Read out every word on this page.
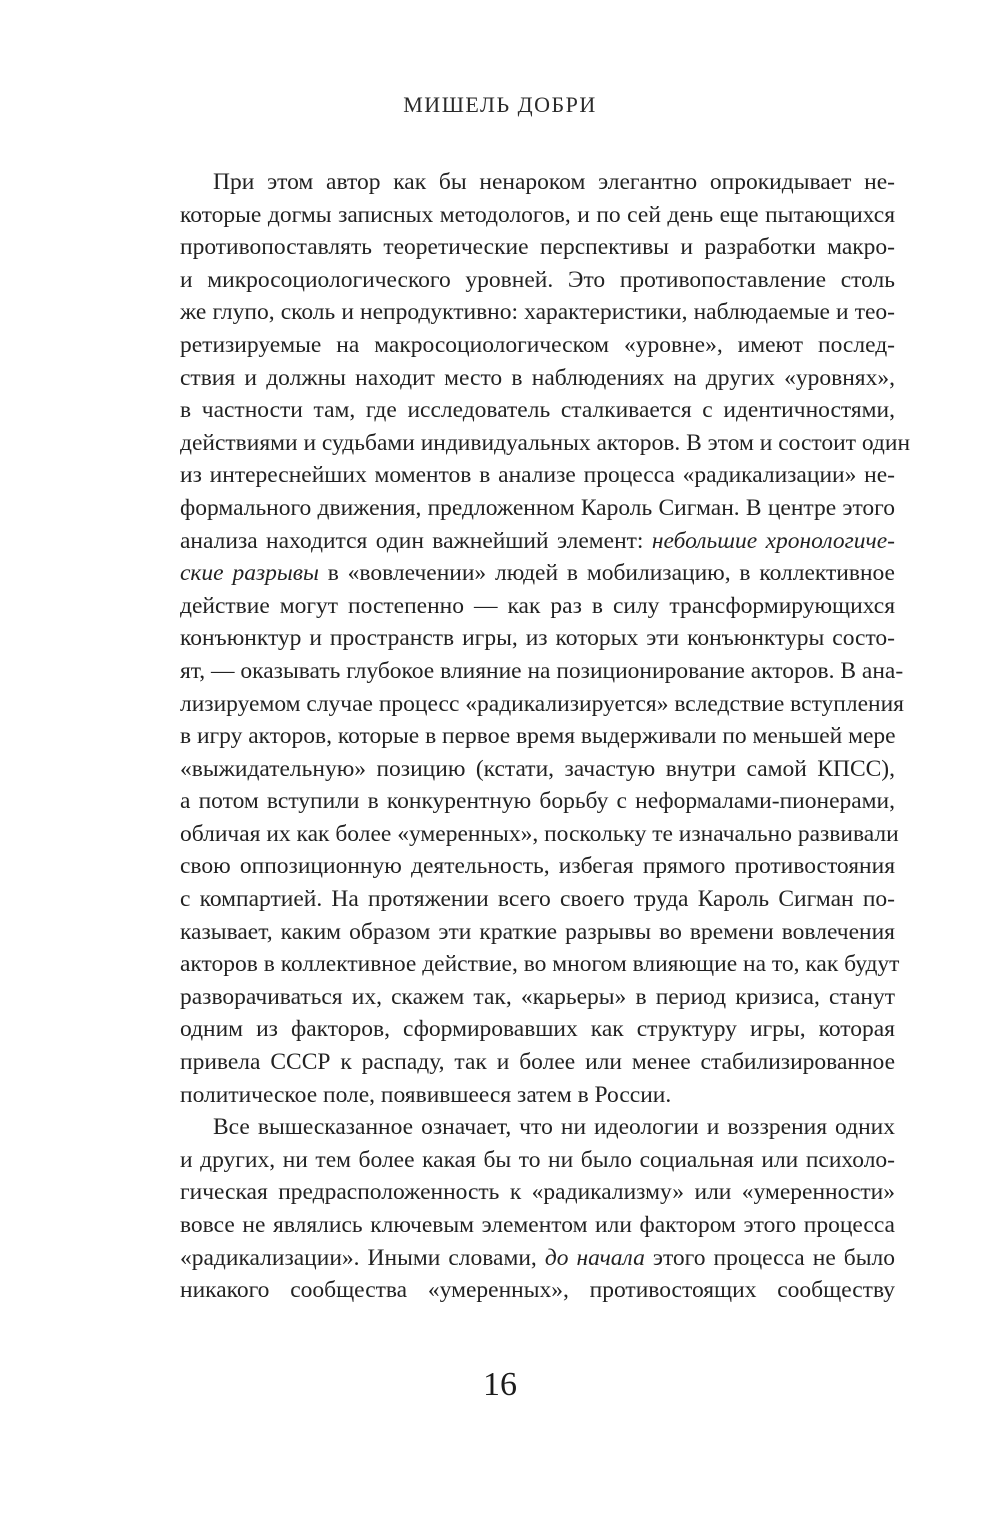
МИШЕЛЬ ДОБРИ
При этом автор как бы ненароком элегантно опрокидывает не-
которые догмы записных методологов, и по сей день еще пытающихся
противопоставлять теоретические перспективы и разработки макро-
и микросоциологического уровней. Это противопоставление столь
же глупо, сколь и непродуктивно: характеристики, наблюдаемые и тео-
ретизируемые на макросоциологическом «уровне», имеют послед-
ствия и должны находит место в наблюдениях на других «уровнях»,
в частности там, где исследователь сталкивается с идентичностями,
действиями и судьбами индивидуальных акторов. В этом и состоит один
из интереснейших моментов в анализе процесса «радикализации» не-
формального движения, предложенном Кароль Сигман. В центре этого
анализа находится один важнейший элемент: небольшие хронологиче-
ские разрывы в «вовлечении» людей в мобилизацию, в коллективное
действие могут постепенно — как раз в силу трансформирующихся
конъюнктур и пространств игры, из которых эти конъюнктуры состо-
ят, — оказывать глубокое влияние на позиционирование акторов. В ана-
лизируемом случае процесс «радикализируется» вследствие вступления
в игру акторов, которые в первое время выдерживали по меньшей мере
«выжидательную» позицию (кстати, зачастую внутри самой КПСС),
а потом вступили в конкурентную борьбу с неформалами-пионерами,
обличая их как более «умеренных», поскольку те изначально развивали
свою оппозиционную деятельность, избегая прямого противостояния
с компартией. На протяжении всего своего труда Кароль Сигман по-
казывает, каким образом эти краткие разрывы во времени вовлечения
акторов в коллективное действие, во многом влияющие на то, как будут
разворачиваться их, скажем так, «карьеры» в период кризиса, станут
одним из факторов, сформировавших как структуру игры, которая
привела СССР к распаду, так и более или менее стабилизированное
политическое поле, появившееся затем в России.
Все вышесказанное означает, что ни идеологии и воззрения одних
и других, ни тем более какая бы то ни было социальная или психоло-
гическая предрасположенность к «радикализму» или «умеренности»
вовсе не являлись ключевым элементом или фактором этого процесса
«радикализации». Иными словами, до начала этого процесса не было
никакого сообщества «умеренных», противостоящих сообществу
16
